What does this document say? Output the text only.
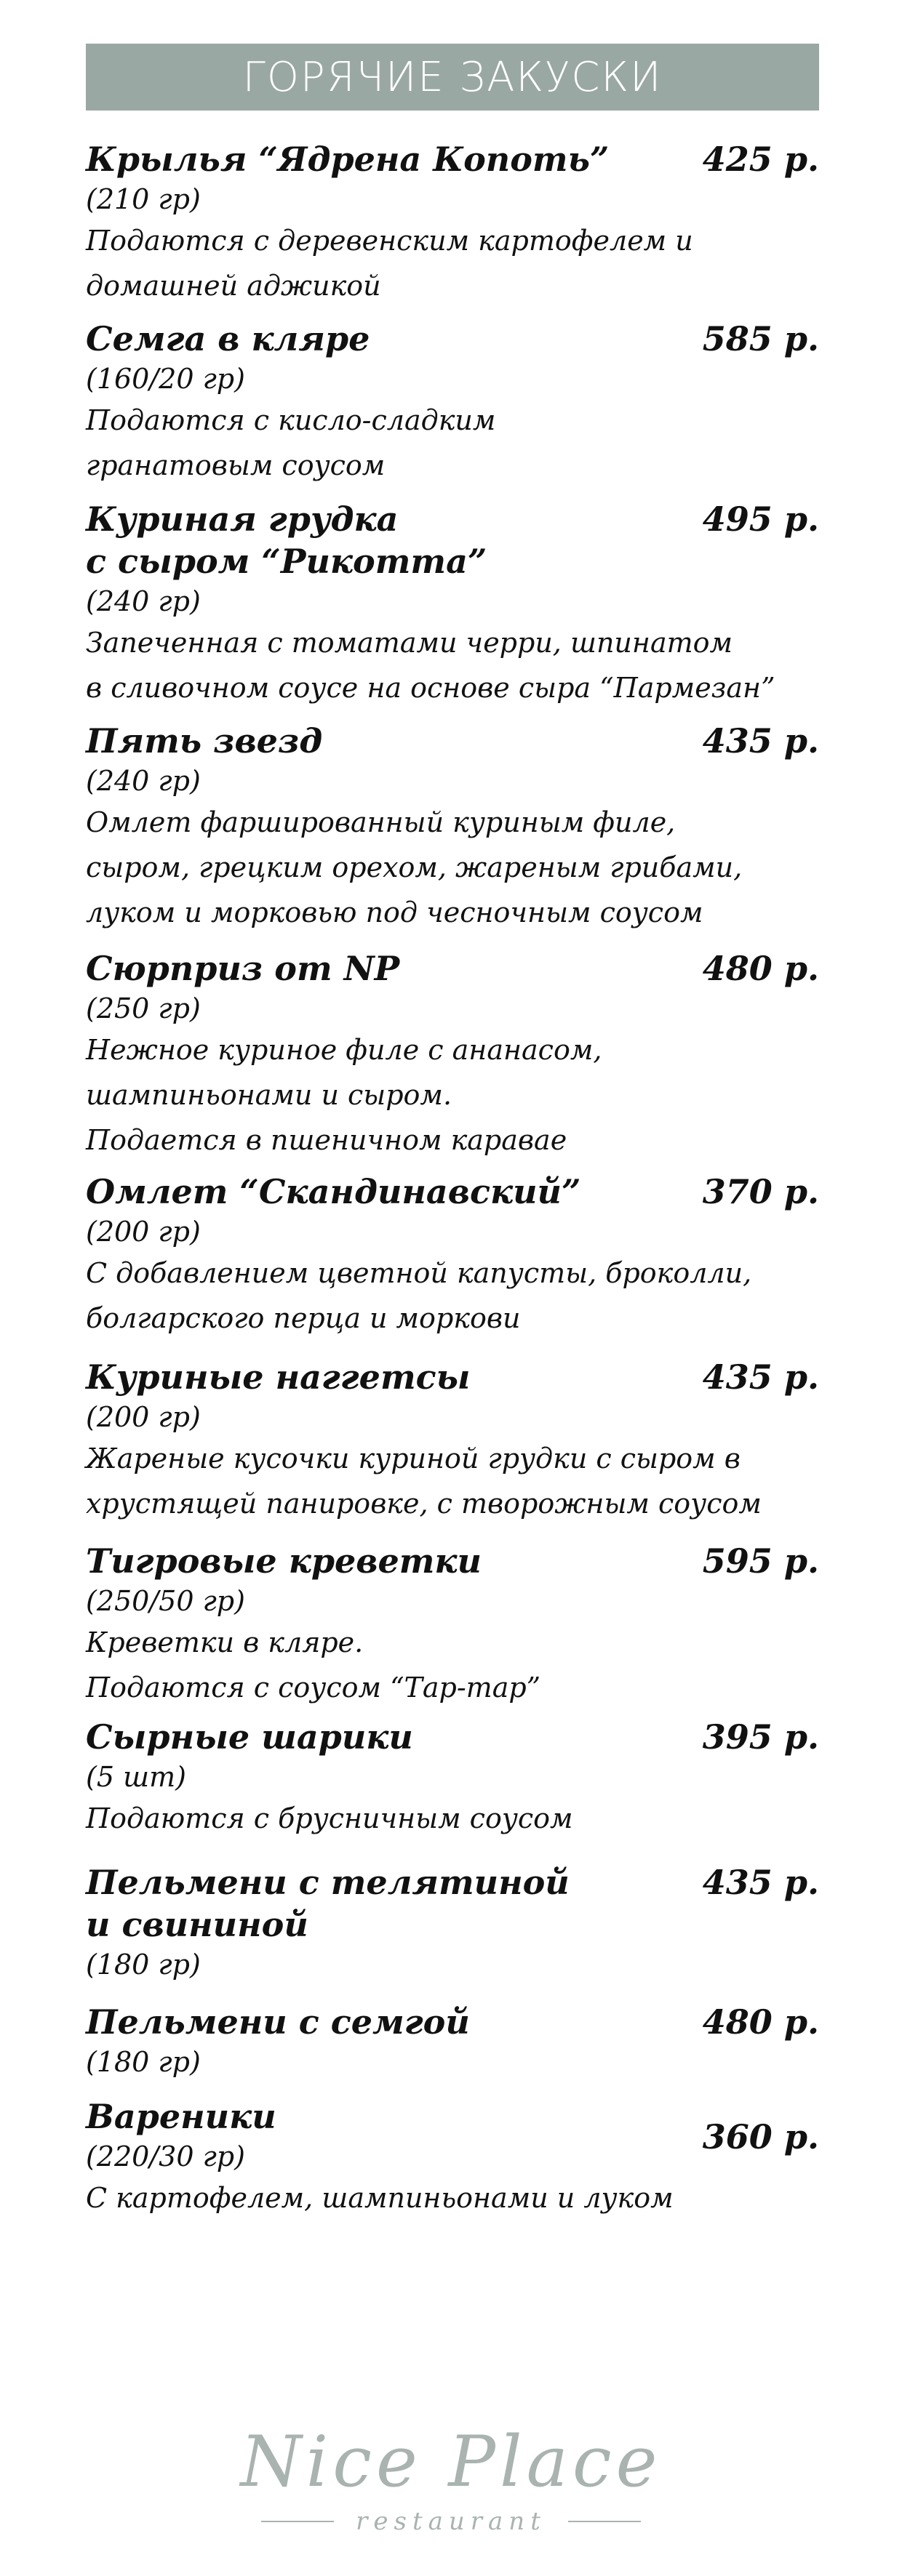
ГОРЯЧИЕ ЗАКУСКИ
Крылья “Ядрена Копоть”	425 р.
(210 гр)
Подаются с деревенским картофелем и
домашней аджикой
Семга в кляре	585 р.
(160/20 гр)
Подаются с кисло-сладким
гранатовым соусом
Куриная грудка	495 р.
с сыром “Рикотта”
(240 гр)
Запеченная с томатами черри, шпинатом
в сливочном соусе на основе сыра “Пармезан”
Пять звезд	435 р.
(240 гр)
Омлет фаршированный куриным филе,
сыром, грецким орехом, жареным грибами,
луком и морковью под чесночным соусом
Сюрприз от NP	480 р.
(250 гр)
Нежное куриное филе с ананасом,
шампиньонами и сыром.
Подается в пшеничном каравае
Омлет “Скандинавский”	370 р.
(200 гр)
С добавлением цветной капусты, броколли,
болгарского перца и моркови
Куриные наггетсы	435 р.
(200 гр)
Жареные кусочки куриной грудки с сыром в
хрустящей панировке, с творожным соусом
Тигровые креветки	595 р.
(250/50 гр)
Креветки в кляре.
Подаются с соусом “Тар-тар”
Сырные шарики	395 р.
(5 шт)
Подаются с брусничным соусом
Пельмени с телятиной	435 р.
и свининой
(180 гр)
Пельмени с семгой	480 р.
(180 гр)
Вареники
360 р.
(220/30 гр)
С картофелем, шампиньонами и луком
Nice Place
restaurant
